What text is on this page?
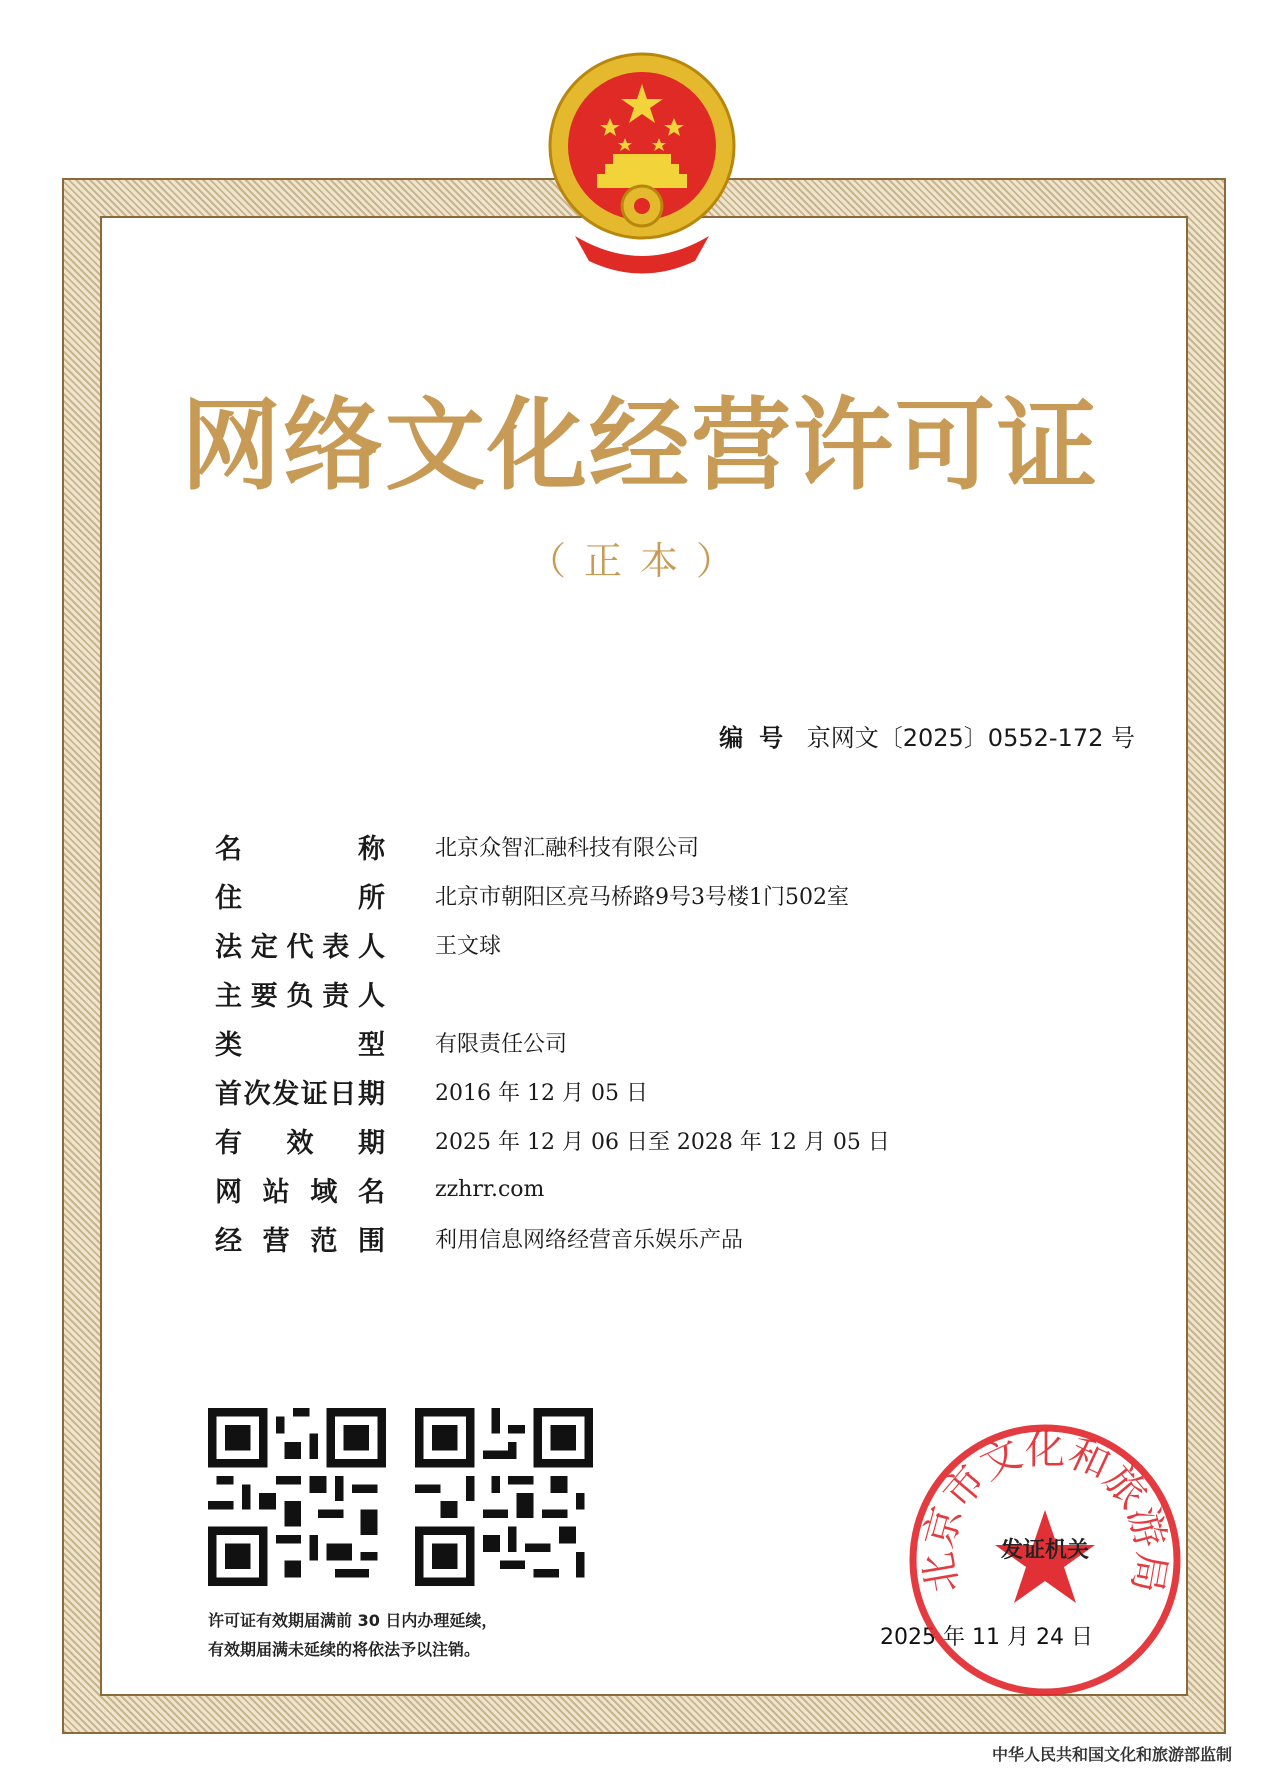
网络文化经营许可证
（正本）
编号 京网文〔2025〕0552-172 号
名称 北京众智汇融科技有限公司
住所 北京市朝阳区亮马桥路9号3号楼1门502室
法定代表人 王文球
主要负责人
类型 有限责任公司
首次发证日期 2016 年 12 月 05 日
有效期 2025 年 12 月 06 日至 2028 年 12 月 05 日
网站域名 zzhrr.com
经营范围 利用信息网络经营音乐娱乐产品
许可证有效期届满前 30 日内办理延续，
有效期届满未延续的将依法予以注销。	2025 年 11 月 24 日
北京市文化和旅游局
发证机关
中华人民共和国文化和旅游部监制
